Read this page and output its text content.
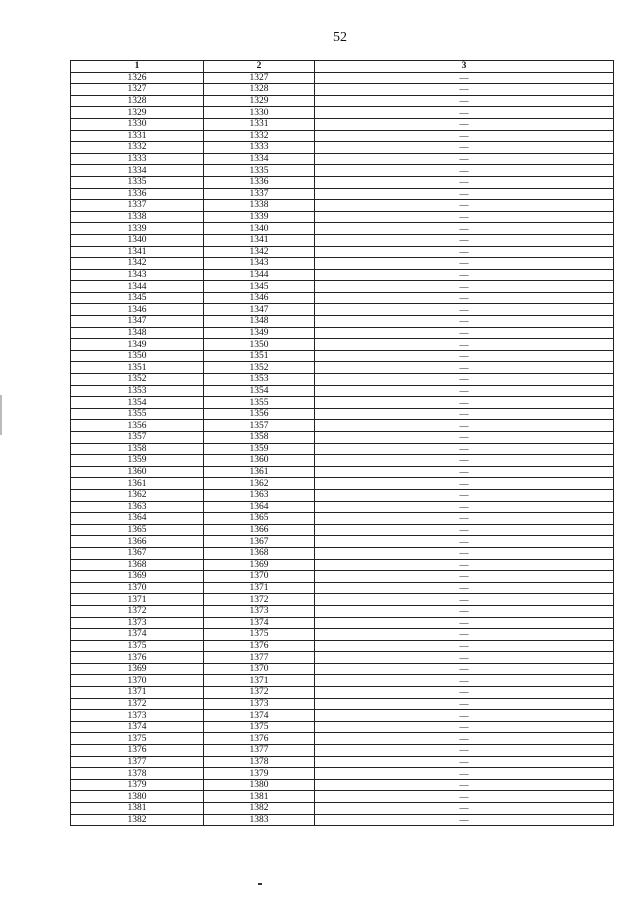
52
1	2	3
1326	1327	—
1327	1328	—
1328	1329	—
1329	1330	—
1330	1331	—
1331	1332	—
1332	1333	—
1333	1334	—
1334	1335	—
1335	1336	—
1336	1337	—
1337	1338	—
1338	1339	—
1339	1340	—
1340	1341	—
1341	1342	—
1342	1343	—
1343	1344	—
1344	1345	—
1345	1346	—
1346	1347	—
1347	1348	—
1348	1349	—
1349	1350	—
1350	1351	—
1351	1352	—
1352	1353	—
1353	1354	—
1354	1355	—
1355	1356	—
1356	1357	—
1357	1358	—
1358	1359	—
1359	1360	—
1360	1361	—
1361	1362	—
1362	1363	—
1363	1364	—
1364	1365	—
1365	1366	—
1366	1367	—
1367	1368	—
1368	1369	—
1369	1370	—
1370	1371	—
1371	1372	—
1372	1373	—
1373	1374	—
1374	1375	—
1375	1376	—
1376	1377	—
1369	1370	—
1370	1371	—
1371	1372	—
1372	1373	—
1373	1374	—
1374	1375	—
1375	1376	—
1376	1377	—
1377	1378	—
1378	1379	—
1379	1380	—
1380	1381	—
1381	1382	—
1382	1383	—
